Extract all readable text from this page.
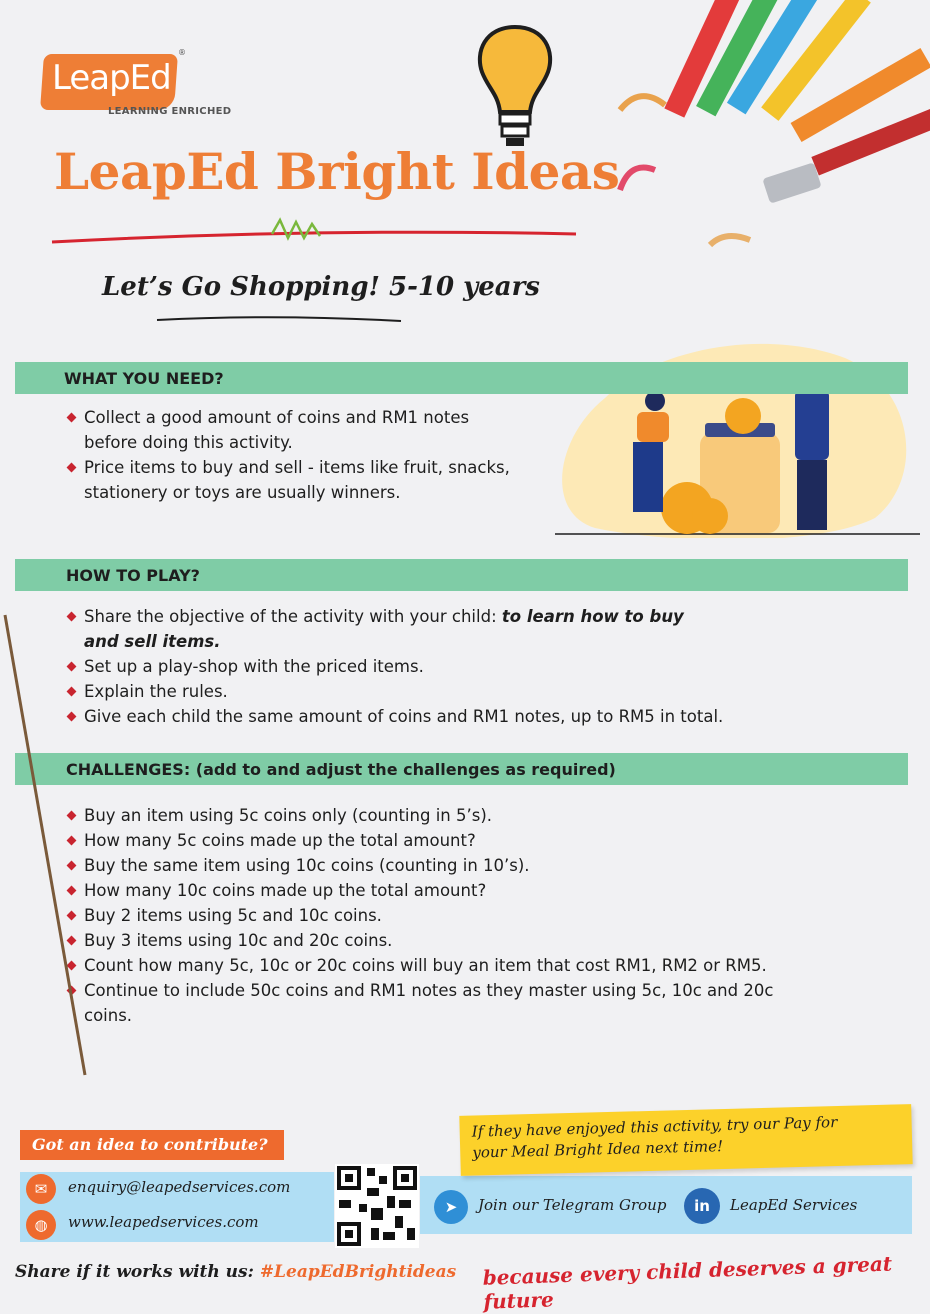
LeapEd
®
LEARNING ENRICHED
LeapEd Bright Ideas
Let’s Go Shopping! 5-10 years
WHAT YOU NEED?
Collect a good amount of coins and RM1 notes
before doing this activity.
Price items to buy and sell - items like fruit, snacks,
stationery or toys are usually winners.
HOW TO PLAY?
Share the objective of the activity with your child: to learn how to buy
and sell items.
Set up a play-shop with the priced items.
Explain the rules.
Give each child the same amount of coins and RM1 notes, up to RM5 in total.
CHALLENGES: (add to and adjust the challenges as required)
Buy an item using 5c coins only (counting in 5’s).
How many 5c coins made up the total amount?
Buy the same item using 10c coins (counting in 10’s).
How many 10c coins made up the total amount?
Buy 2 items using 5c and 10c coins.
Buy 3 items using 10c and 20c coins.
Count how many 5c, 10c or 20c coins will buy an item that cost RM1, RM2 or RM5.
Continue to include 50c coins and RM1 notes as they master using 5c, 10c and 20c
coins.
Got an idea to contribute?
✉	enquiry@leapedservices.com
◍	www.leapedservices.com
If they have enjoyed this activity, try our Pay for
your Meal Bright Idea next time!
➤	Join our Telegram Group	in	LeapEd Services
Share if it works with us: #LeapEdBrightideas because every child deserves a great future
